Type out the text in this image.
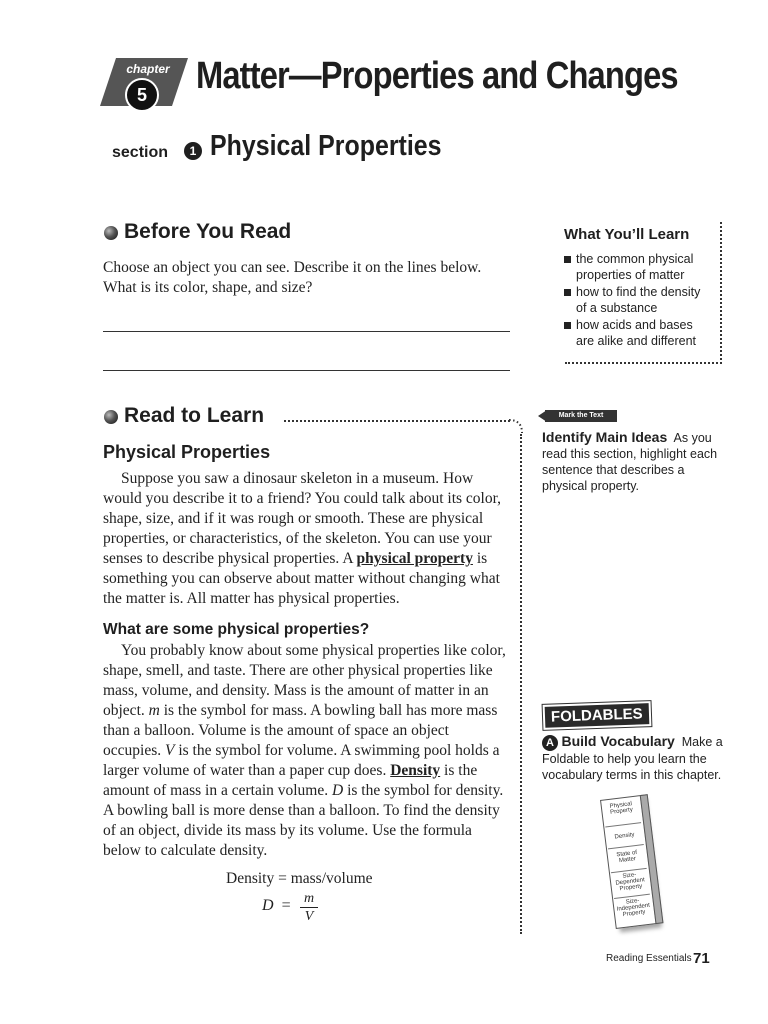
chapter
5	Matter—Properties and Changes
section	1 Physical Properties
Before You Read
Choose an object you can see. Describe it on the lines below. What is its color, shape, and size?
What You’ll Learn
the common physical properties of matter
how to find the density of a substance
how acids and bases are alike and different
Read to Learn
Physical Properties

Suppose you saw a dinosaur skeleton in a museum. How would you describe it to a friend? You could talk about its color, shape, size, and if it was rough or smooth. These are physical properties, or characteristics, of the skeleton. You can use your senses to describe physical properties. A physical property is something you can observe about matter without changing what the matter is. All matter has physical properties.

What are some physical properties?

You probably know about some physical properties like color, shape, smell, and taste. There are other physical properties like mass, volume, and density. Mass is the amount of matter in an object. m is the symbol for mass. A bowling ball has more mass than a balloon. Volume is the amount of space an object occupies. V is the symbol for volume. A swimming pool holds a larger volume of water than a paper cup does. Density is the amount of mass in a certain volume. D is the symbol for density. A bowling ball is more dense than a balloon. To find the density of an object, divide its mass by its volume. Use the formula below to calculate density.

Density = mass/volume
D = m
V
Mark the Text
Identify Main Ideas As you read this section, highlight each sentence that describes a physical property.
FOLDABLES
A Build Vocabulary Make a Foldable to help you learn the vocabulary terms in this chapter.
Physical Property
Density
State of Matter
Size-Dependent Property
Size-Independent Property
Reading Essentials 71
